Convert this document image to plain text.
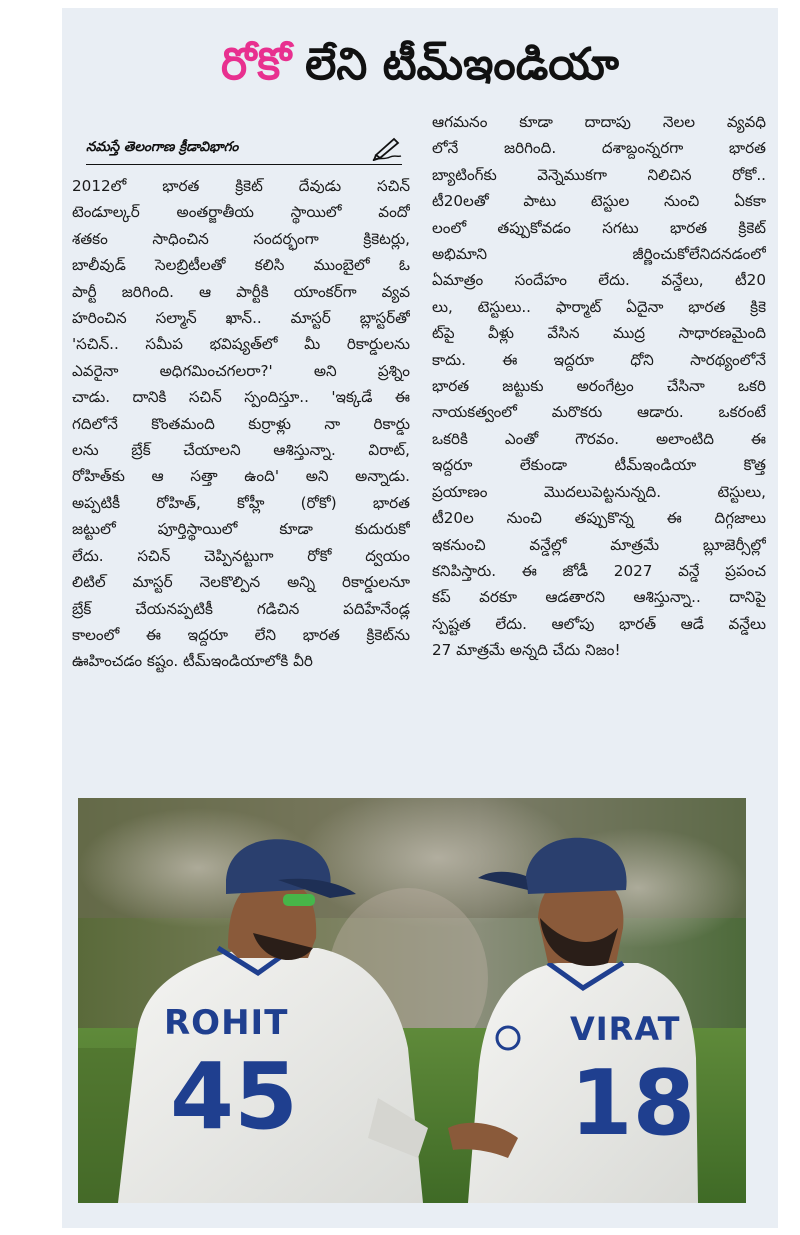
రోకో లేని టీమ్‌ఇండియా
నమస్తే తెలంగాణ క్రీడావిభాగం
2012లో భారత క్రికెట్ దేవుడు సచిన్
టెండూల్కర్ అంతర్జాతీయ స్థాయిలో వందో
శతకం సాధించిన సందర్భంగా క్రికెటర్లు,
బాలీవుడ్ సెలబ్రిటీలతో కలిసి ముంబైలో ఓ
పార్టీ జరిగింది. ఆ పార్టీకి యాంకర్‌గా వ్యవ
హరించిన సల్మాన్ ఖాన్.. మాస్టర్ బ్లాస్టర్‌తో
'సచిన్.. సమీప భవిష్యత్‌లో మీ రికార్డులను
ఎవరైనా అధిగమించగలరా?' అని ప్రశ్నిం
చాడు. దానికి సచిన్ స్పందిస్తూ.. 'ఇక్కడే ఈ
గదిలోనే కొంతమంది కుర్రాళ్లు నా రికార్డు
లను బ్రేక్ చేయాలని ఆశిస్తున్నా. విరాట్,
రోహిత్‌కు ఆ సత్తా ఉంది' అని అన్నాడు.
అప్పటికీ రోహిత్, కోహ్లీ (రోకో) భారత
జట్టులో పూర్తిస్థాయిలో కూడా కుదురుకో
లేదు. సచిన్ చెప్పినట్టుగా రోకో ద్వయం
లిటిల్ మాస్టర్ నెలకొల్పిన అన్ని రికార్డులనూ
బ్రేక్ చేయనప్పటికీ గడిచిన పదిహేనేండ్ల
కాలంలో ఈ ఇద్దరూ లేని భారత క్రికెట్‌ను
ఊహించడం కష్టం. టీమ్ఇండియాలోకి వీరి
ఆగమనం కూడా దాదాపు నెలల వ్యవధి
లోనే జరిగింది. దశాబ్దంన్నరగా భారత
బ్యాటింగ్‌కు వెన్నెముకగా నిలిచిన రోకో..
టీ20లతో పాటు టెస్టుల నుంచి ఏకకా
లంలో తప్పుకోవడం సగటు భారత క్రికెట్
అభిమాని జీర్ణించుకోలేనిదనడంలో
ఏమాత్రం సందేహం లేదు. వన్డేలు, టీ20
లు, టెస్టులు.. ఫార్మాట్ ఏదైనా భారత క్రికె
ట్‌పై వీళ్లు వేసిన ముద్ర సాధారణమైంది
కాదు. ఈ ఇద్దరూ ధోని సారథ్యంలోనే
భారత జట్టుకు అరంగేట్రం చేసినా ఒకరి
నాయకత్వంలో మరొకరు ఆడారు. ఒకరంటే
ఒకరికి ఎంతో గౌరవం. అలాంటిది ఈ
ఇద్దరూ లేకుండా టీమ్ఇండియా కొత్త
ప్రయాణం మొదలుపెట్టనున్నది. టెస్టులు,
టీ20ల నుంచి తప్పుకొన్న ఈ దిగ్గజాలు
ఇకనుంచి వన్డేల్లో మాత్రమే బ్లూజెర్సీల్లో
కనిపిస్తారు. ఈ జోడీ 2027 వన్డే ప్రపంచ
కప్ వరకూ ఆడతారని ఆశిస్తున్నా.. దానిపై
స్పష్టత లేదు. ఆలోపు భారత్ ఆడే వన్డేలు
27 మాత్రమే అన్నది చేదు నిజం!
ROHIT
45
VIRAT
18
